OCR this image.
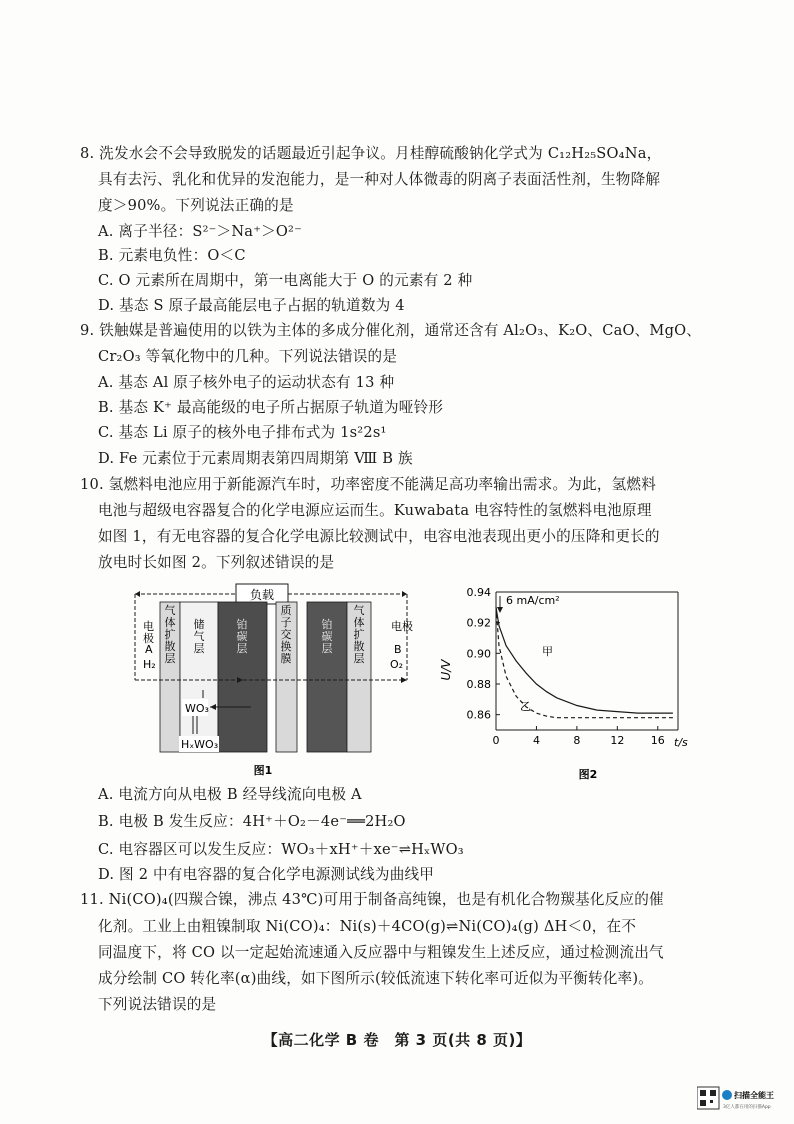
8. 洗发水会不会导致脱发的话题最近引起争议。月桂醇硫酸钠化学式为 C₁₂H₂₅SO₄Na，
具有去污、乳化和优异的发泡能力，是一种对人体微毒的阴离子表面活性剂，生物降解
度＞90%。下列说法正确的是
A. 离子半径：S²⁻＞Na⁺＞O²⁻
B. 元素电负性：O＜C
C. O 元素所在周期中，第一电离能大于 O 的元素有 2 种
D. 基态 S 原子最高能层电子占据的轨道数为 4
9. 铁触媒是普遍使用的以铁为主体的多成分催化剂，通常还含有 Al₂O₃、K₂O、CaO、MgO、
Cr₂O₃ 等氧化物中的几种。下列说法错误的是
A. 基态 Al 原子核外电子的运动状态有 13 种
B. 基态 K⁺ 最高能级的电子所占据原子轨道为哑铃形
C. 基态 Li 原子的核外电子排布式为 1s²2s¹
D. Fe 元素位于元素周期表第四周期第 Ⅷ B 族
10. 氢燃料电池应用于新能源汽车时，功率密度不能满足高功率输出需求。为此，氢燃料
电池与超级电容器复合的化学电源应运而生。Kuwabata 电容特性的氢燃料电池原理
如图 1，有无电容器的复合化学电源比较测试中，电容电池表现出更小的压降和更长的
放电时长如图 2。下列叙述错误的是
负载
电极
A
H₂
电极
B
O₂
气体扩散层
储气层
铂碳层
质子交换膜
铂碳层
气体扩散层
WO₃
HₓWO₃
图1
0	4	8	12 16
0.86
0.88
0.90
0.92
0.94
U/V
t/s
6 mA/cm²
甲
乙
图2
A. 电流方向从电极 B 经导线流向电极 A
B. 电极 B 发生反应：4H⁺＋O₂－4e⁻══2H₂O
C. 电容器区可以发生反应：WO₃＋xH⁺＋xe⁻⇌HₓWO₃
D. 图 2 中有电容器的复合化学电源测试线为曲线甲
11. Ni(CO)₄(四羰合镍，沸点 43℃)可用于制备高纯镍，也是有机化合物羰基化反应的催
化剂。工业上由粗镍制取 Ni(CO)₄：Ni(s)＋4CO(g)⇌Ni(CO)₄(g) ΔH＜0，在不
同温度下，将 CO 以一定起始流速通入反应器中与粗镍发生上述反应，通过检测流出气
成分绘制 CO 转化率(α)曲线，如下图所示(较低流速下转化率可近似为平衡转化率)。
下列说法错误的是
【高二化学 B 卷　第 3 页(共 8 页)】
扫描全能王
3亿人都在用的扫描App
